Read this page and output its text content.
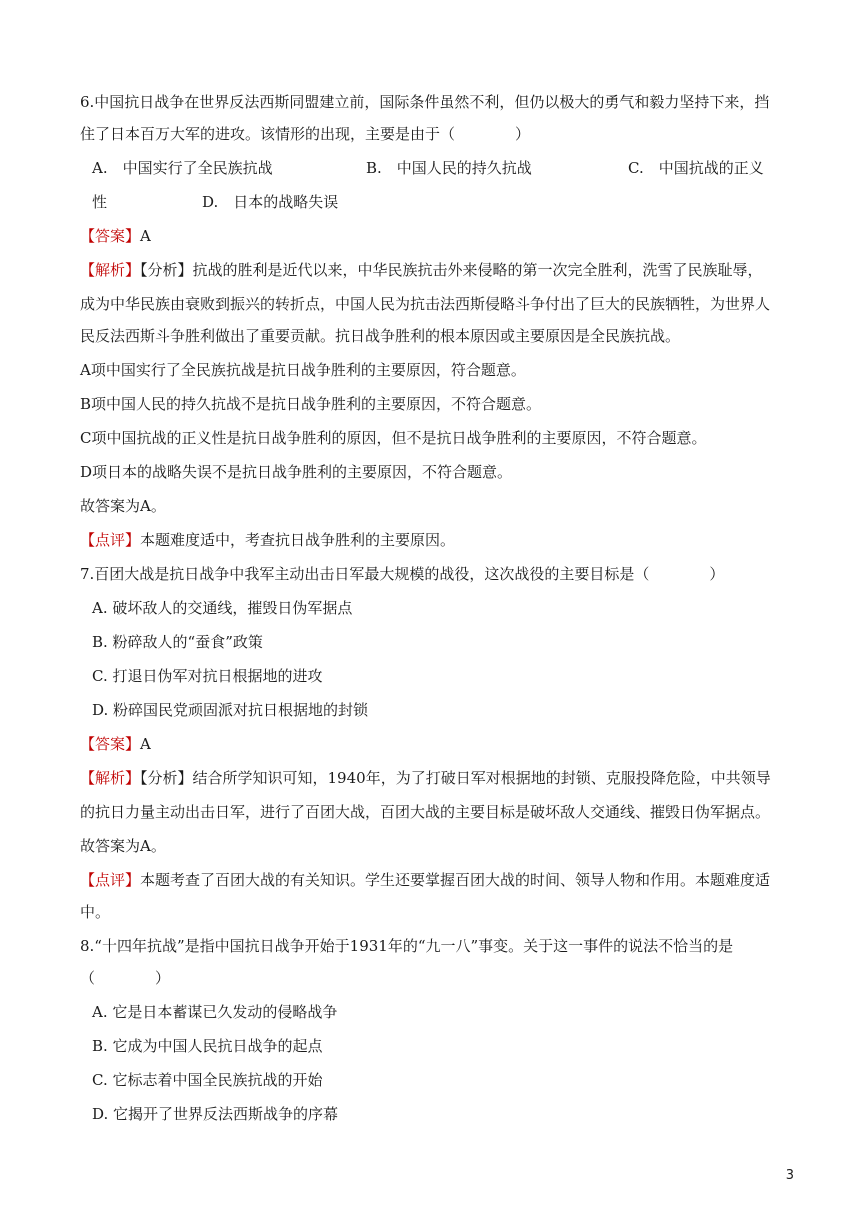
6.中国抗日战争在世界反法西斯同盟建立前，国际条件虽然不利，但仍以极大的勇气和毅力坚持下来，挡
住了日本百万大军的进攻。该情形的出现，主要是由于（　　　　）
A.　中国实行了全民族抗战	B.　中国人民的持久抗战	C.　中国抗战的正义
性	D.　日本的战略失误
【答案】A
【解析】【分析】抗战的胜利是近代以来，中华民族抗击外来侵略的第一次完全胜利，洗雪了民族耻辱，
成为中华民族由衰败到振兴的转折点，中国人民为抗击法西斯侵略斗争付出了巨大的民族牺牲，为世界人
民反法西斯斗争胜利做出了重要贡献。抗日战争胜利的根本原因或主要原因是全民族抗战。
A项中国实行了全民族抗战是抗日战争胜利的主要原因，符合题意。
B项中国人民的持久抗战不是抗日战争胜利的主要原因，不符合题意。
C项中国抗战的正义性是抗日战争胜利的原因，但不是抗日战争胜利的主要原因，不符合题意。
D项日本的战略失误不是抗日战争胜利的主要原因，不符合题意。
故答案为A。
【点评】本题难度适中，考查抗日战争胜利的主要原因。
7.百团大战是抗日战争中我军主动出击日军最大规模的战役，这次战役的主要目标是（　　　　）
A. 破坏敌人的交通线，摧毁日伪军据点
B. 粉碎敌人的“蚕食”政策
C. 打退日伪军对抗日根据地的进攻
D. 粉碎国民党顽固派对抗日根据地的封锁
【答案】A
【解析】【分析】结合所学知识可知，1940年，为了打破日军对根据地的封锁、克服投降危险，中共领导
的抗日力量主动出击日军，进行了百团大战，百团大战的主要目标是破坏敌人交通线、摧毁日伪军据点。
故答案为A。
【点评】本题考查了百团大战的有关知识。学生还要掌握百团大战的时间、领导人物和作用。本题难度适
中。
8.“十四年抗战”是指中国抗日战争开始于1931年的“九一八”事变。关于这一事件的说法不恰当的是
（　　　　）
A. 它是日本蓄谋已久发动的侵略战争
B. 它成为中国人民抗日战争的起点
C. 它标志着中国全民族抗战的开始
D. 它揭开了世界反法西斯战争的序幕
3
